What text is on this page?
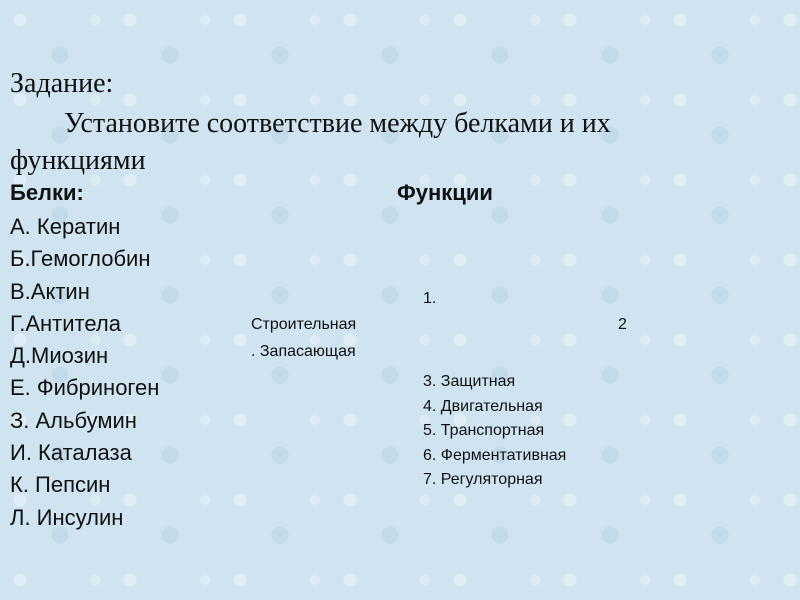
Задание:
Установите соответствие между белками и их
функциями
Белки:	Функции
А. Кератин
Б.Гемоглобин
В.Актин
Г.Антитела
Д.Миозин
Е. Фибриноген
З. Альбумин
И. Каталаза
К. Пепсин
Л. Инсулин
1.
Строительная	2
. Запасающая
3. Защитная
4. Двигательная
5. Транспортная
6. Ферментативная
7. Регуляторная
